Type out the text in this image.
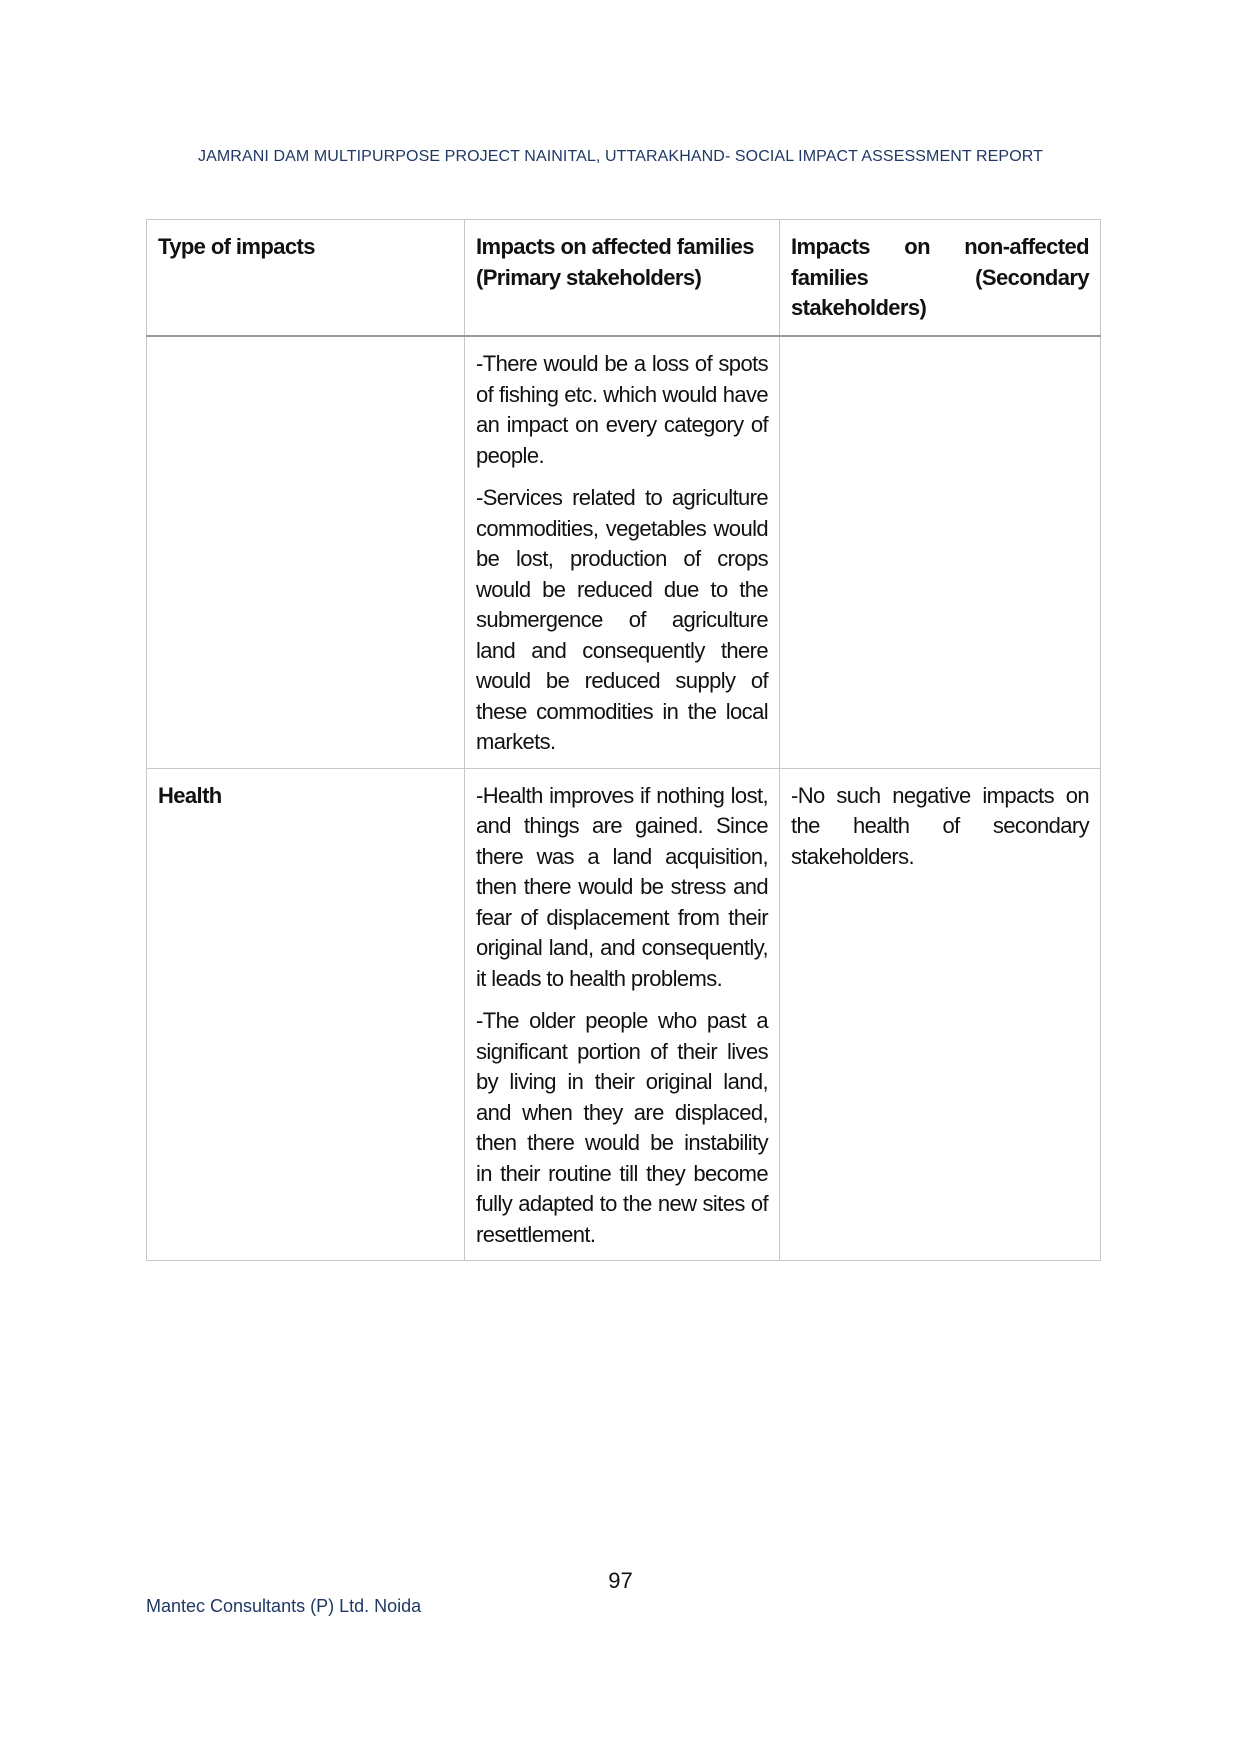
JAMRANI DAM MULTIPURPOSE PROJECT NAINITAL, UTTARAKHAND- SOCIAL IMPACT ASSESSMENT REPORT
Type of impacts	Impacts on affected families (Primary stakeholders)	Impacts on non-affected families (Secondary stakeholders)

	-There would be a loss of spots of fishing etc. which would have an impact on every category of people.

-Services related to agriculture commodities, vegetables would be lost, production of crops would be reduced due to the submergence of agriculture land and consequently there would be reduced supply of these commodities in the local markets.	

Health	-Health improves if nothing lost, and things are gained. Since there was a land acquisition, then there would be stress and fear of displacement from their original land, and consequently, it leads to health problems.

-The older people who past a significant portion of their lives by living in their original land, and when they are displaced, then there would be instability in their routine till they become fully adapted to the new sites of resettlement.	-No such negative impacts on the health of secondary stakeholders.

97
Mantec Consultants (P) Ltd. Noida
